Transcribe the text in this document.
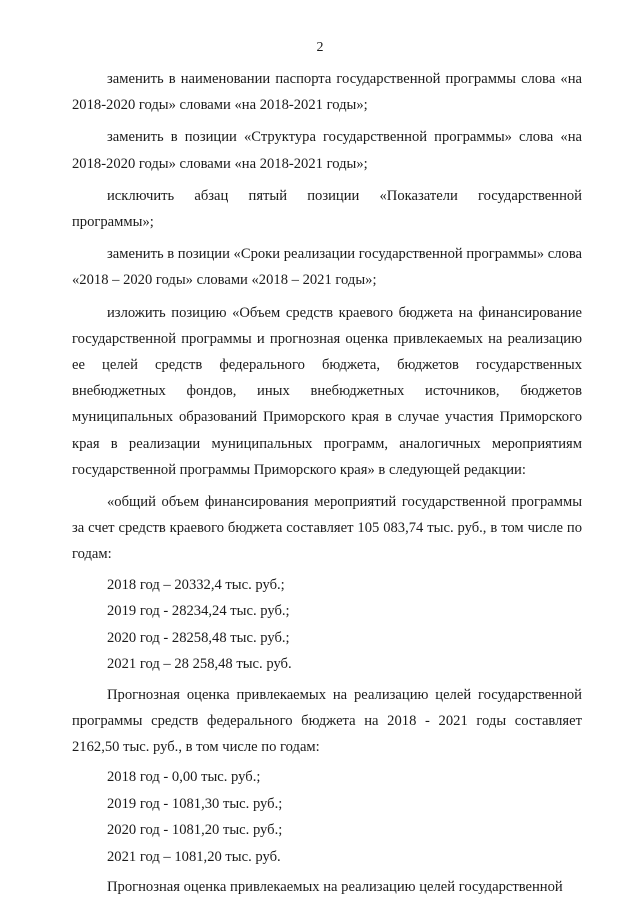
2

заменить в наименовании паспорта государственной программы слова «на 2018-2020 годы» словами «на 2018-2021 годы»;

заменить в позиции «Структура государственной программы» слова «на 2018-2020 годы» словами «на 2018-2021 годы»;

исключить абзац пятый позиции «Показатели государственной программы»;

заменить в позиции «Сроки реализации государственной программы» слова «2018 – 2020 годы» словами «2018 – 2021 годы»;

изложить позицию «Объем средств краевого бюджета на финансирование государственной программы и прогнозная оценка привлекаемых на реализацию ее целей средств федерального бюджета, бюджетов государственных внебюджетных фондов, иных внебюджетных источников, бюджетов муниципальных образований Приморского края в случае участия Приморского края в реализации муниципальных программ, аналогичных мероприятиям государственной программы Приморского края» в следующей редакции:

«общий объем финансирования мероприятий государственной программы за счет средств краевого бюджета составляет 105 083,74 тыс. руб., в том числе по годам:

2018 год – 20332,4 тыс. руб.;

2019 год - 28234,24 тыс. руб.;

2020 год - 28258,48 тыс. руб.;

2021 год – 28 258,48 тыс. руб.

Прогнозная оценка привлекаемых на реализацию целей государственной программы средств федерального бюджета на 2018 - 2021 годы составляет 2162,50 тыс. руб., в том числе по годам:

2018 год - 0,00 тыс. руб.;

2019 год - 1081,30 тыс. руб.;

2020 год - 1081,20 тыс. руб.;

2021 год – 1081,20 тыс. руб.

Прогнозная оценка привлекаемых на реализацию целей государственной
